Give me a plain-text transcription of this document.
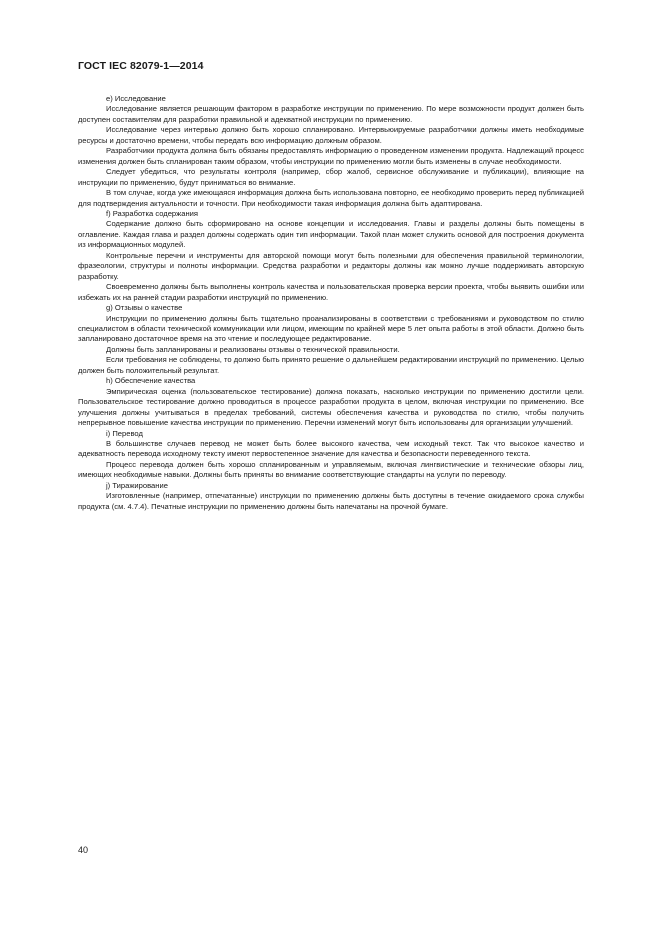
ГОСТ IEC 82079-1—2014

е) Исследование

Исследование является решающим фактором в разработке инструкции по применению. По мере возможности продукт должен быть доступен составителям для разработки правильной и адекватной инструкции по применению.

Исследование через интервью должно быть хорошо спланировано. Интервьюируемые разработчики должны иметь необходимые ресурсы и достаточно времени, чтобы передать всю информацию должным образом.

Разработчики продукта должна быть обязаны предоставлять информацию о проведенном изменении продукта. Надлежащий процесс изменения должен быть спланирован таким образом, чтобы инструкции по применению могли быть изменены в случае необходимости.

Следует убедиться, что результаты контроля (например, сбор жалоб, сервисное обслуживание и публикации), влияющие на инструкции по применению, будут приниматься во внимание.

В том случае, когда уже имеющаяся информация должна быть использована повторно, ее необходимо проверить перед публикацией для подтверждения актуальности и точности. При необходимости такая информация должна быть адаптирована.

f) Разработка содержания

Содержание должно быть сформировано на основе концепции и исследования. Главы и разделы должны быть помещены в оглавление. Каждая глава и раздел должны содержать один тип информации. Такой план может служить основой для построения документа из информационных модулей.

Контрольные перечни и инструменты для авторской помощи могут быть полезными для обеспечения правильной терминологии, фразеологии, структуры и полноты информации. Средства разработки и редакторы должны как можно лучше поддерживать авторскую разработку.

Своевременно должны быть выполнены контроль качества и пользовательская проверка версии проекта, чтобы выявить ошибки или избежать их на ранней стадии разработки инструкций по применению.

g) Отзывы о качестве

Инструкции по применению должны быть тщательно проанализированы в соответствии с требованиями и руководством по стилю специалистом в области технической коммуникации или лицом, имеющим по крайней мере 5 лет опыта работы в этой области. Должно быть запланировано достаточное время на это чтение и последующее редактирование.

Должны быть запланированы и реализованы отзывы о технической правильности.

Если требования не соблюдены, то должно быть принято решение о дальнейшем редактировании инструкций по применению. Целью должен быть положительный результат.

h) Обеспечение качества

Эмпирическая оценка (пользовательское тестирование) должна показать, насколько инструкции по применению достигли цели. Пользовательское тестирование должно проводиться в процессе разработки продукта в целом, включая инструкции по применению. Все улучшения должны учитываться в пределах требований, системы обеспечения качества и руководства по стилю, чтобы получить непрерывное повышение качества инструкции по применению. Перечни изменений могут быть использованы для организации улучшений.

i) Перевод

В большинстве случаев перевод не может быть более высокого качества, чем исходный текст. Так что высокое качество и адекватность перевода исходному тексту имеют первостепенное значение для качества и безопасности переведенного текста.

Процесс перевода должен быть хорошо спланированным и управляемым, включая лингвистические и технические обзоры лиц, имеющих необходимые навыки. Должны быть приняты во внимание соответствующие стандарты на услуги по переводу.

j) Тиражирование

Изготовленные (например, отпечатанные) инструкции по применению должны быть доступны в течение ожидаемого срока службы продукта (см. 4.7.4). Печатные инструкции по применению должны быть напечатаны на прочной бумаге.

40
